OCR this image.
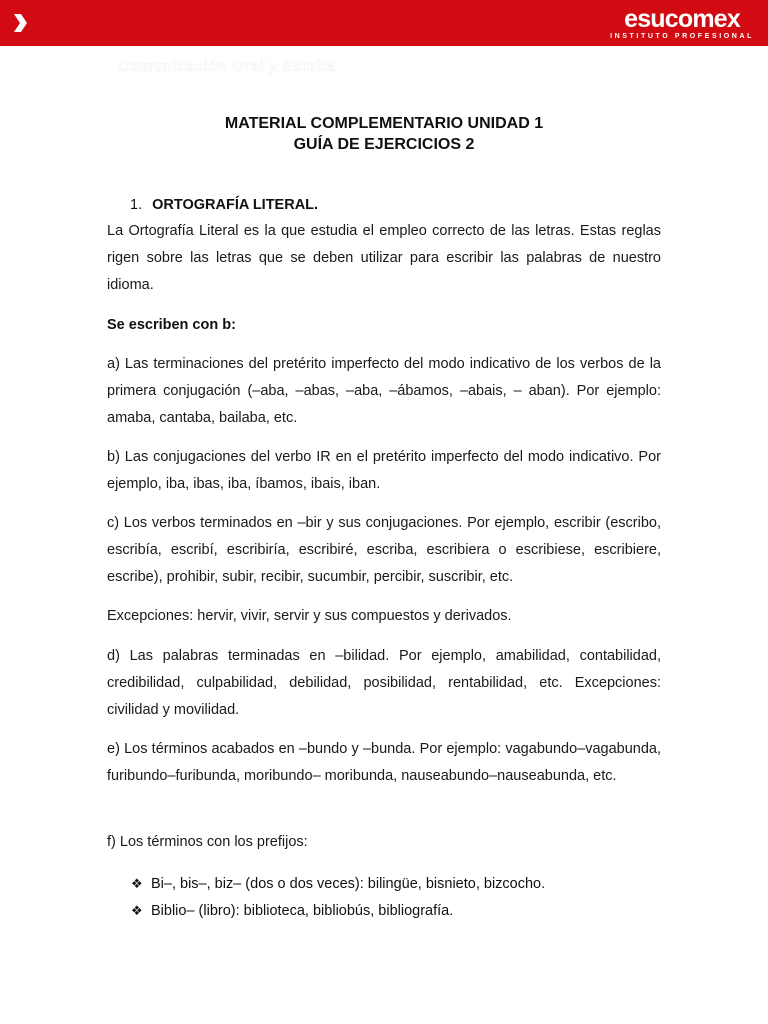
esucomex
INSTITUTO PROFESIONAL
Comunicación Oral y Escrita
MATERIAL COMPLEMENTARIO UNIDAD 1
GUÍA DE EJERCICIOS 2
1. ORTOGRAFÍA LITERAL.

La Ortografía Literal es la que estudia el empleo correcto de las letras. Estas reglas rigen sobre las letras que se deben utilizar para escribir las palabras de nuestro idioma.

Se escriben con b:

a) Las terminaciones del pretérito imperfecto del modo indicativo de los verbos de la primera conjugación (–aba, –abas, –aba, –ábamos, –abais, – aban). Por ejemplo: amaba, cantaba, bailaba, etc.

b) Las conjugaciones del verbo IR en el pretérito imperfecto del modo indicativo. Por ejemplo, iba, ibas, iba, íbamos, ibais, iban.

c) Los verbos terminados en –bir y sus conjugaciones. Por ejemplo, escribir (escribo, escribía, escribí, escribiría, escribiré, escriba, escribiera o escribiese, escribiere, escribe), prohibir, subir, recibir, sucumbir, percibir, suscribir, etc.

Excepciones: hervir, vivir, servir y sus compuestos y derivados.

d) Las palabras terminadas en –bilidad. Por ejemplo, amabilidad, contabilidad, credibilidad, culpabilidad, debilidad, posibilidad, rentabilidad, etc. Excepciones: civilidad y movilidad.

e) Los términos acabados en –bundo y –bunda. Por ejemplo: vagabundo–vagabunda, furibundo–furibunda, moribundo– moribunda, nauseabundo–nauseabunda, etc.

f) Los términos con los prefijos:

❖ Bi–, bis–, biz– (dos o dos veces): bilingüe, bisnieto, bizcocho.
❖ Biblio– (libro): biblioteca, bibliobús, bibliografía.
